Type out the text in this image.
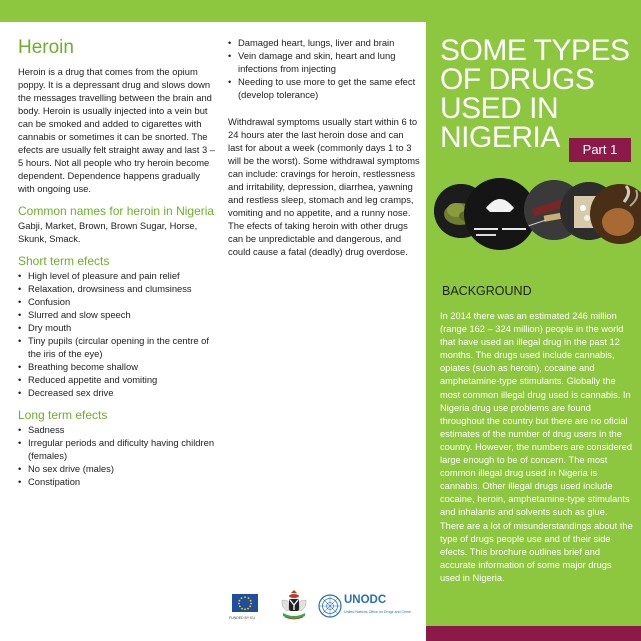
Heroin

Heroin is a drug that comes from the opium poppy. It is a depressant drug and slows down the messages travelling between the brain and body. Heroin is usually injected into a vein but can be smoked and added to cigarettes with cannabis or sometimes it can be snorted. The efects are usually felt straight away and last 3 – 5 hours. Not all people who try heroin become dependent. Dependence happens gradually with ongoing use.

Common names for heroin in Nigeria

Gabji, Market, Brown, Brown Sugar, Horse, Skunk, Smack.

Short term efects
• High level of pleasure and pain relief
• Relaxation, drowsiness and clumsiness
• Confusion
• Slurred and slow speech
• Dry mouth
• Tiny pupils (circular opening in the centre of the iris of the eye)
• Breathing become shallow
• Reduced appetite and vomiting
• Decreased sex drive
Long term efects
• Sadness
• Irregular periods and dificulty having children (females)
• No sex drive (males)
• Constipation
• Damaged heart, lungs, liver and brain
• Vein damage and skin, heart and lung infections from injecting
• Needing to use more to get the same efect (develop tolerance)

Withdrawal symptoms usually start within 6 to 24 hours ater the last heroin dose and can last for about a week (commonly days 1 to 3 will be the worst). Some withdrawal symptoms can include: cravings for heroin, restlessness and irritability, depression, diarrhea, yawning and restless sleep, stomach and leg cramps, vomiting and no appetite, and a runny nose. The efects of taking heroin with other drugs can be unpredictable and dangerous, and could cause a fatal (deadly) drug overdose.

FUNDED BY EU
UNODC
United Nations Office on Drugs and Crime
SOME TYPES OF DRUGS USED IN NIGERIA	Part 1
BACKGROUND

In 2014 there was an estimated 246 million (range 162 – 324 million) people in the world that have used an illegal drug in the past 12 months. The drugs used include cannabis, opiates (such as heroin), cocaine and amphetamine-type stimulants. Globally the most common illegal drug used is cannabis. In Nigeria drug use problems are found throughout the country but there are no oficial estimates of the number of drug users in the country. However, the numbers are considered large enough to be of concern. The most common illegal drug used in Nigeria is cannabis. Other illegal drugs used include cocaine, heroin, amphetamine-type stimulants and inhalants and solvents such as glue. There are a lot of misunderstandings about the type of drugs people use and of their side efects. This brochure outlines brief and accurate information of some major drugs used in Nigeria.
